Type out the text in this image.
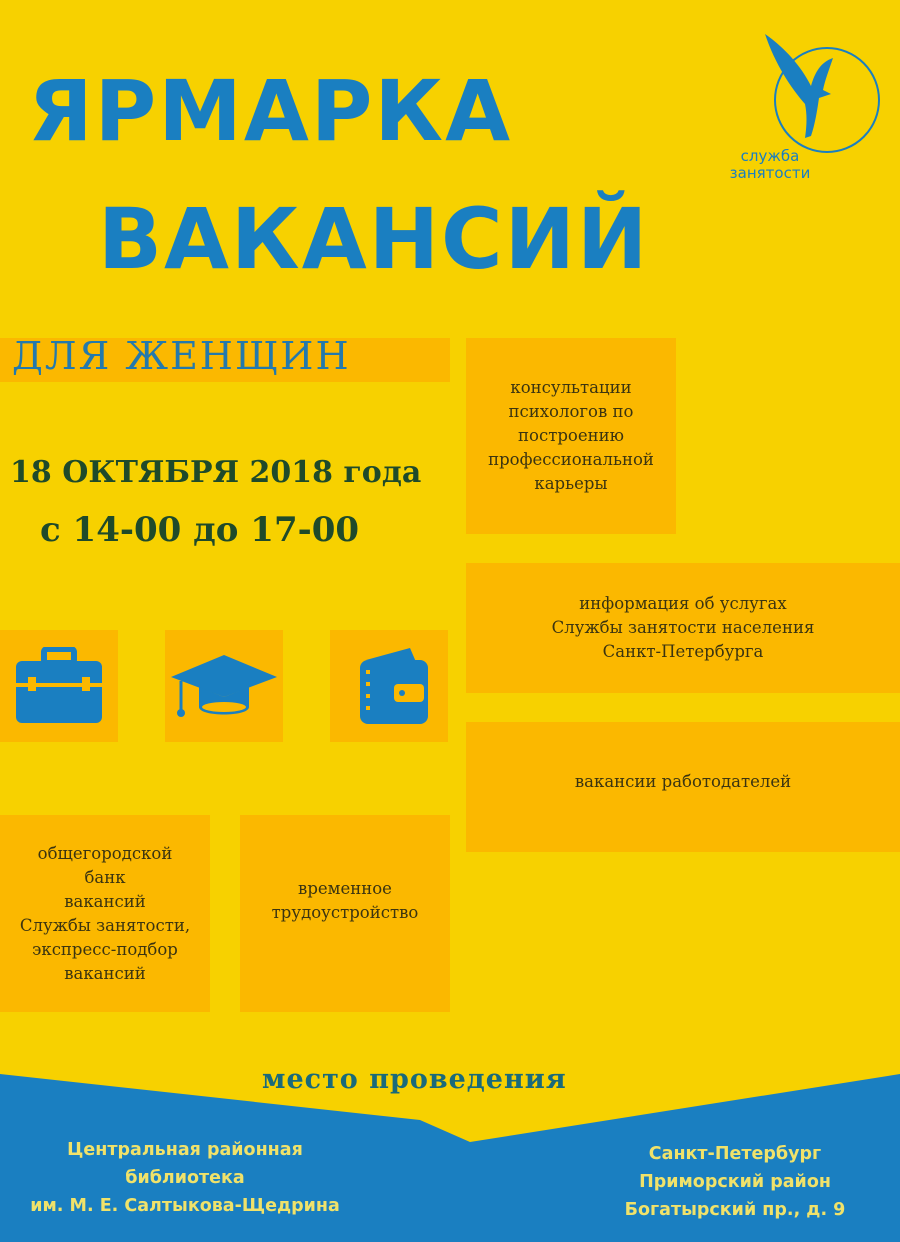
служба
занятости
ЯРМАРКА
ВАКАНСИЙ
ДЛЯ ЖЕНЩИН
18 ОКТЯБРЯ 2018 года
с 14-00 до 17-00
консультации
психологов по
построению
профессиональной
карьеры
информация об услугах
Службы занятости населения
Санкт-Петербурга
вакансии работодателей
общегородской
банк
вакансий
Службы занятости,
экспресс-подбор
вакансий
временное
трудоустройство
место проведения
Центральная районная
библиотека
им. М. Е. Салтыкова-Щедрина
Санкт-Петербург
Приморский район
Богатырский пр., д. 9
